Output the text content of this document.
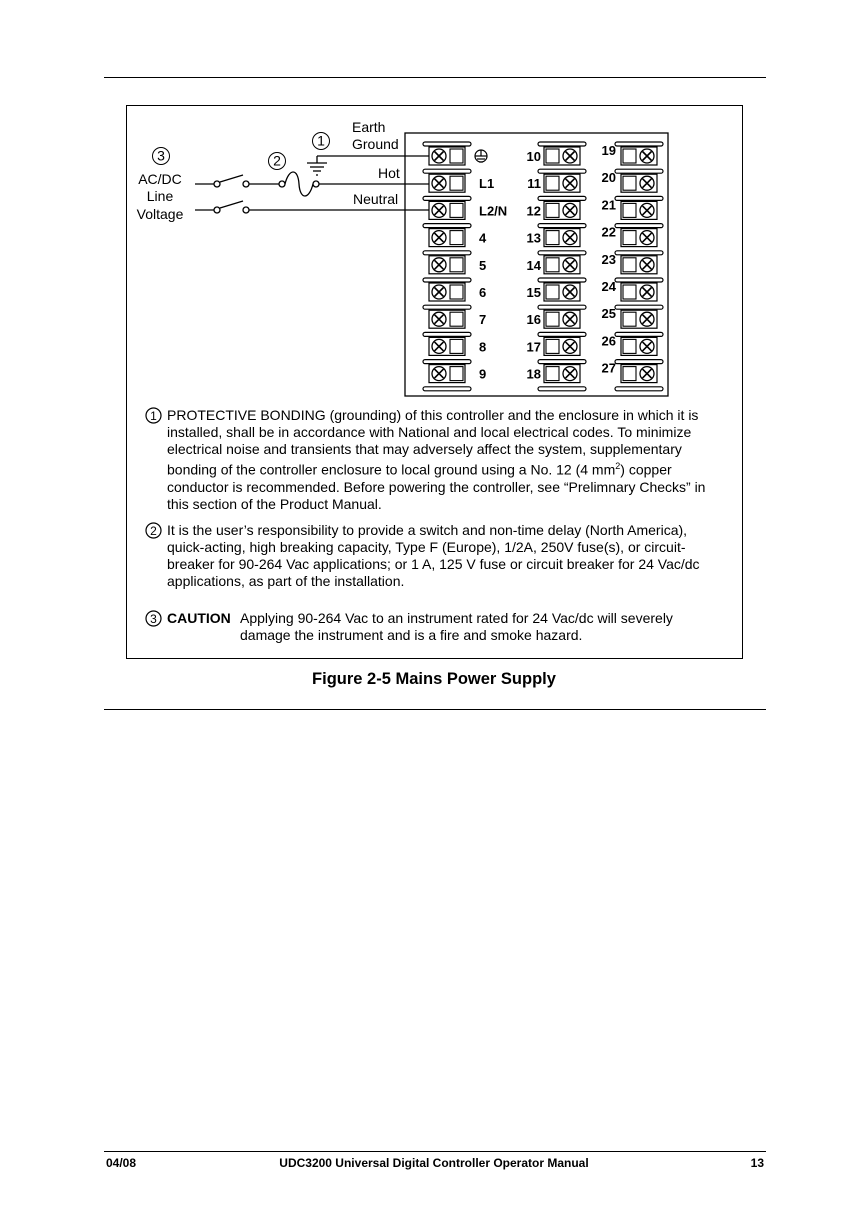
3	2
1
AC/DC
Line
Voltage
Earth
Ground
Hot
Neutral
L1
L2/N
4
5
6
7
8
9
10
11
12
13
14
15
16
17
18
19
20
21
22
23
24
25
26
27
1 PROTECTIVE BONDING (grounding) of this controller and the enclosure in which it is installed, shall be in accordance with National and local electrical codes. To minimize electrical noise and transients that may adversely affect the system, supplementary bonding of the controller enclosure to local ground using a No. 12 (4 $mm^2$) copper conductor is recommended. Before powering the controller, see “Prelimnary Checks” in this section of the Product Manual.
2 It is the user’s responsibility to provide a switch and non-time delay (North America), quick-acting, high breaking capacity, Type F (Europe), 1/2A, 250V fuse(s), or circuit-breaker for 90-264 Vac applications; or 1 A, 125 V fuse or circuit breaker for 24 Vac/dc applications, as part of the installation.
3 CAUTION Applying 90-264 Vac to an instrument rated for 24 Vac/dc will severely damage the instrument and is a fire and smoke hazard.
Figure 2-5 Mains Power Supply
04/08	UDC3200 Universal Digital Controller Operator Manual	13
